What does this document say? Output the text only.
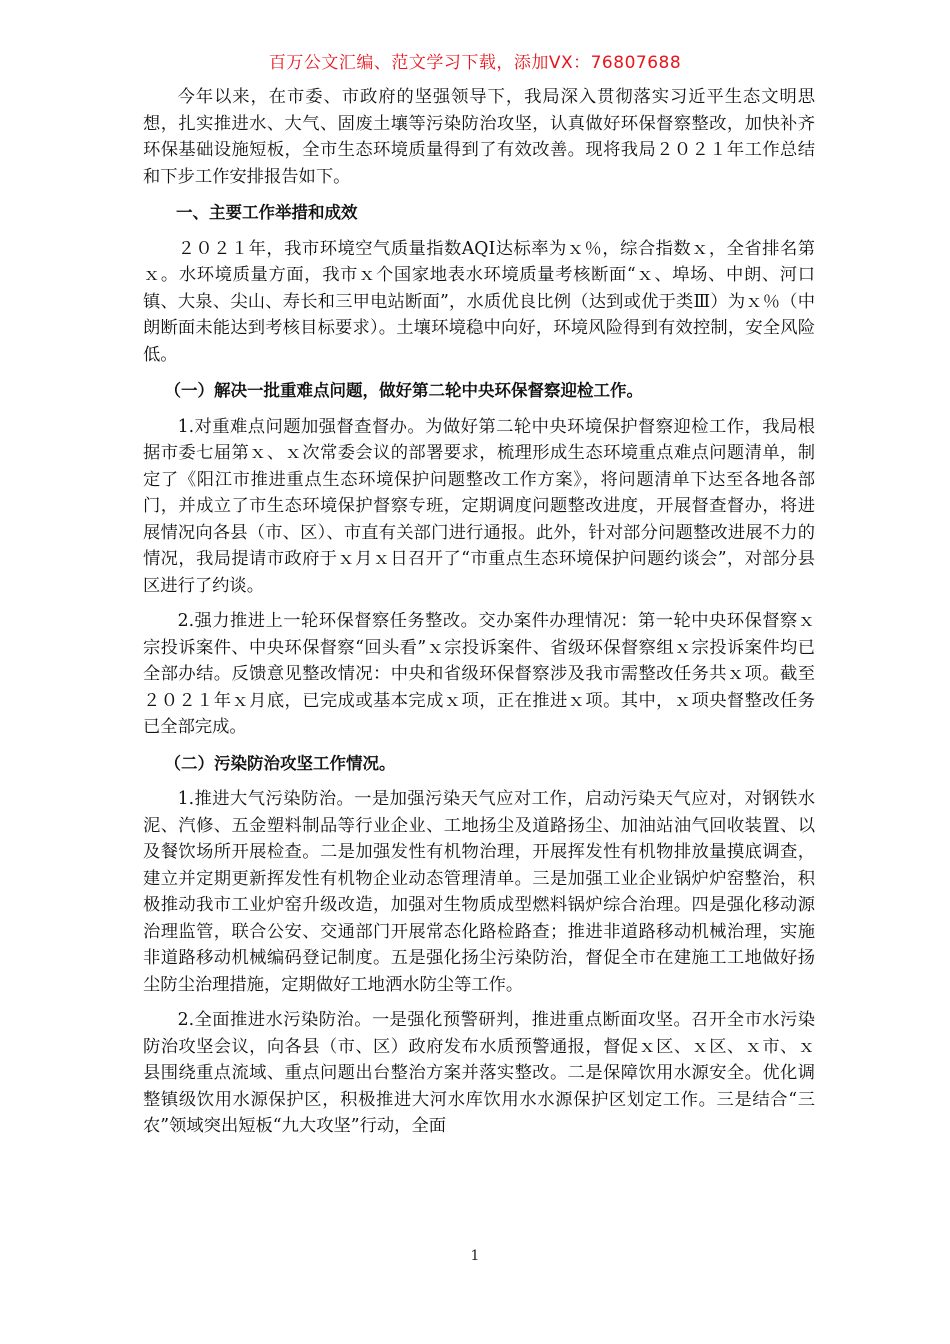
百万公文汇编、范文学习下载，添加VX：76807688

今年以来，在市委、市政府的坚强领导下，我局深入贯彻落实习近平生态文明思想，扎实推进水、大气、固废土壤等污染防治攻坚，认真做好环保督察整改，加快补齐环保基础设施短板，全市生态环境质量得到了有效改善。现将我局２０２１年工作总结和下步工作安排报告如下。

一、主要工作举措和成效

２０２１年，我市环境空气质量指数AQI达标率为ｘ％，综合指数ｘ，全省排名第ｘ。水环境质量方面，我市ｘ个国家地表水环境质量考核断面“ｘ、埠场、中朗、河口镇、大泉、尖山、寿长和三甲电站断面”，水质优良比例（达到或优于类Ⅲ）为ｘ％（中朗断面未能达到考核目标要求）。土壤环境稳中向好，环境风险得到有效控制，安全风险低。

（一）解决一批重难点问题，做好第二轮中央环保督察迎检工作。

1.对重难点问题加强督查督办。为做好第二轮中央环境保护督察迎检工作，我局根据市委七届第ｘ、ｘ次常委会议的部署要求，梳理形成生态环境重点难点问题清单，制定了《阳江市推进重点生态环境保护问题整改工作方案》，将问题清单下达至各地各部门，并成立了市生态环境保护督察专班，定期调度问题整改进度，开展督查督办，将进展情况向各县（市、区）、市直有关部门进行通报。此外，针对部分问题整改进展不力的情况，我局提请市政府于ｘ月ｘ日召开了“市重点生态环境保护问题约谈会”，对部分县区进行了约谈。

2.强力推进上一轮环保督察任务整改。交办案件办理情况：第一轮中央环保督察ｘ宗投诉案件、中央环保督察“回头看”ｘ宗投诉案件、省级环保督察组ｘ宗投诉案件均已全部办结。反馈意见整改情况：中央和省级环保督察涉及我市需整改任务共ｘ项。截至２０２１年ｘ月底，已完成或基本完成ｘ项，正在推进ｘ项。其中，ｘ项央督整改任务已全部完成。

（二）污染防治攻坚工作情况。

1.推进大气污染防治。一是加强污染天气应对工作，启动污染天气应对，对钢铁水泥、汽修、五金塑料制品等行业企业、工地扬尘及道路扬尘、加油站油气回收装置、以及餐饮场所开展检查。二是加强发性有机物治理，开展挥发性有机物排放量摸底调查，建立并定期更新挥发性有机物企业动态管理清单。三是加强工业企业锅炉炉窑整治，积极推动我市工业炉窑升级改造，加强对生物质成型燃料锅炉综合治理。四是强化移动源治理监管，联合公安、交通部门开展常态化路检路查；推进非道路移动机械治理，实施非道路移动机械编码登记制度。五是强化扬尘污染防治，督促全市在建施工工地做好扬尘防尘治理措施，定期做好工地洒水防尘等工作。

2.全面推进水污染防治。一是强化预警研判，推进重点断面攻坚。召开全市水污染防治攻坚会议，向各县（市、区）政府发布水质预警通报，督促ｘ区、ｘ区、ｘ市、ｘ县围绕重点流域、重点问题出台整治方案并落实整改。二是保障饮用水源安全。优化调整镇级饮用水源保护区，积极推进大河水库饮用水水源保护区划定工作。三是结合“三农”领域突出短板“九大攻坚”行动，全面

1
